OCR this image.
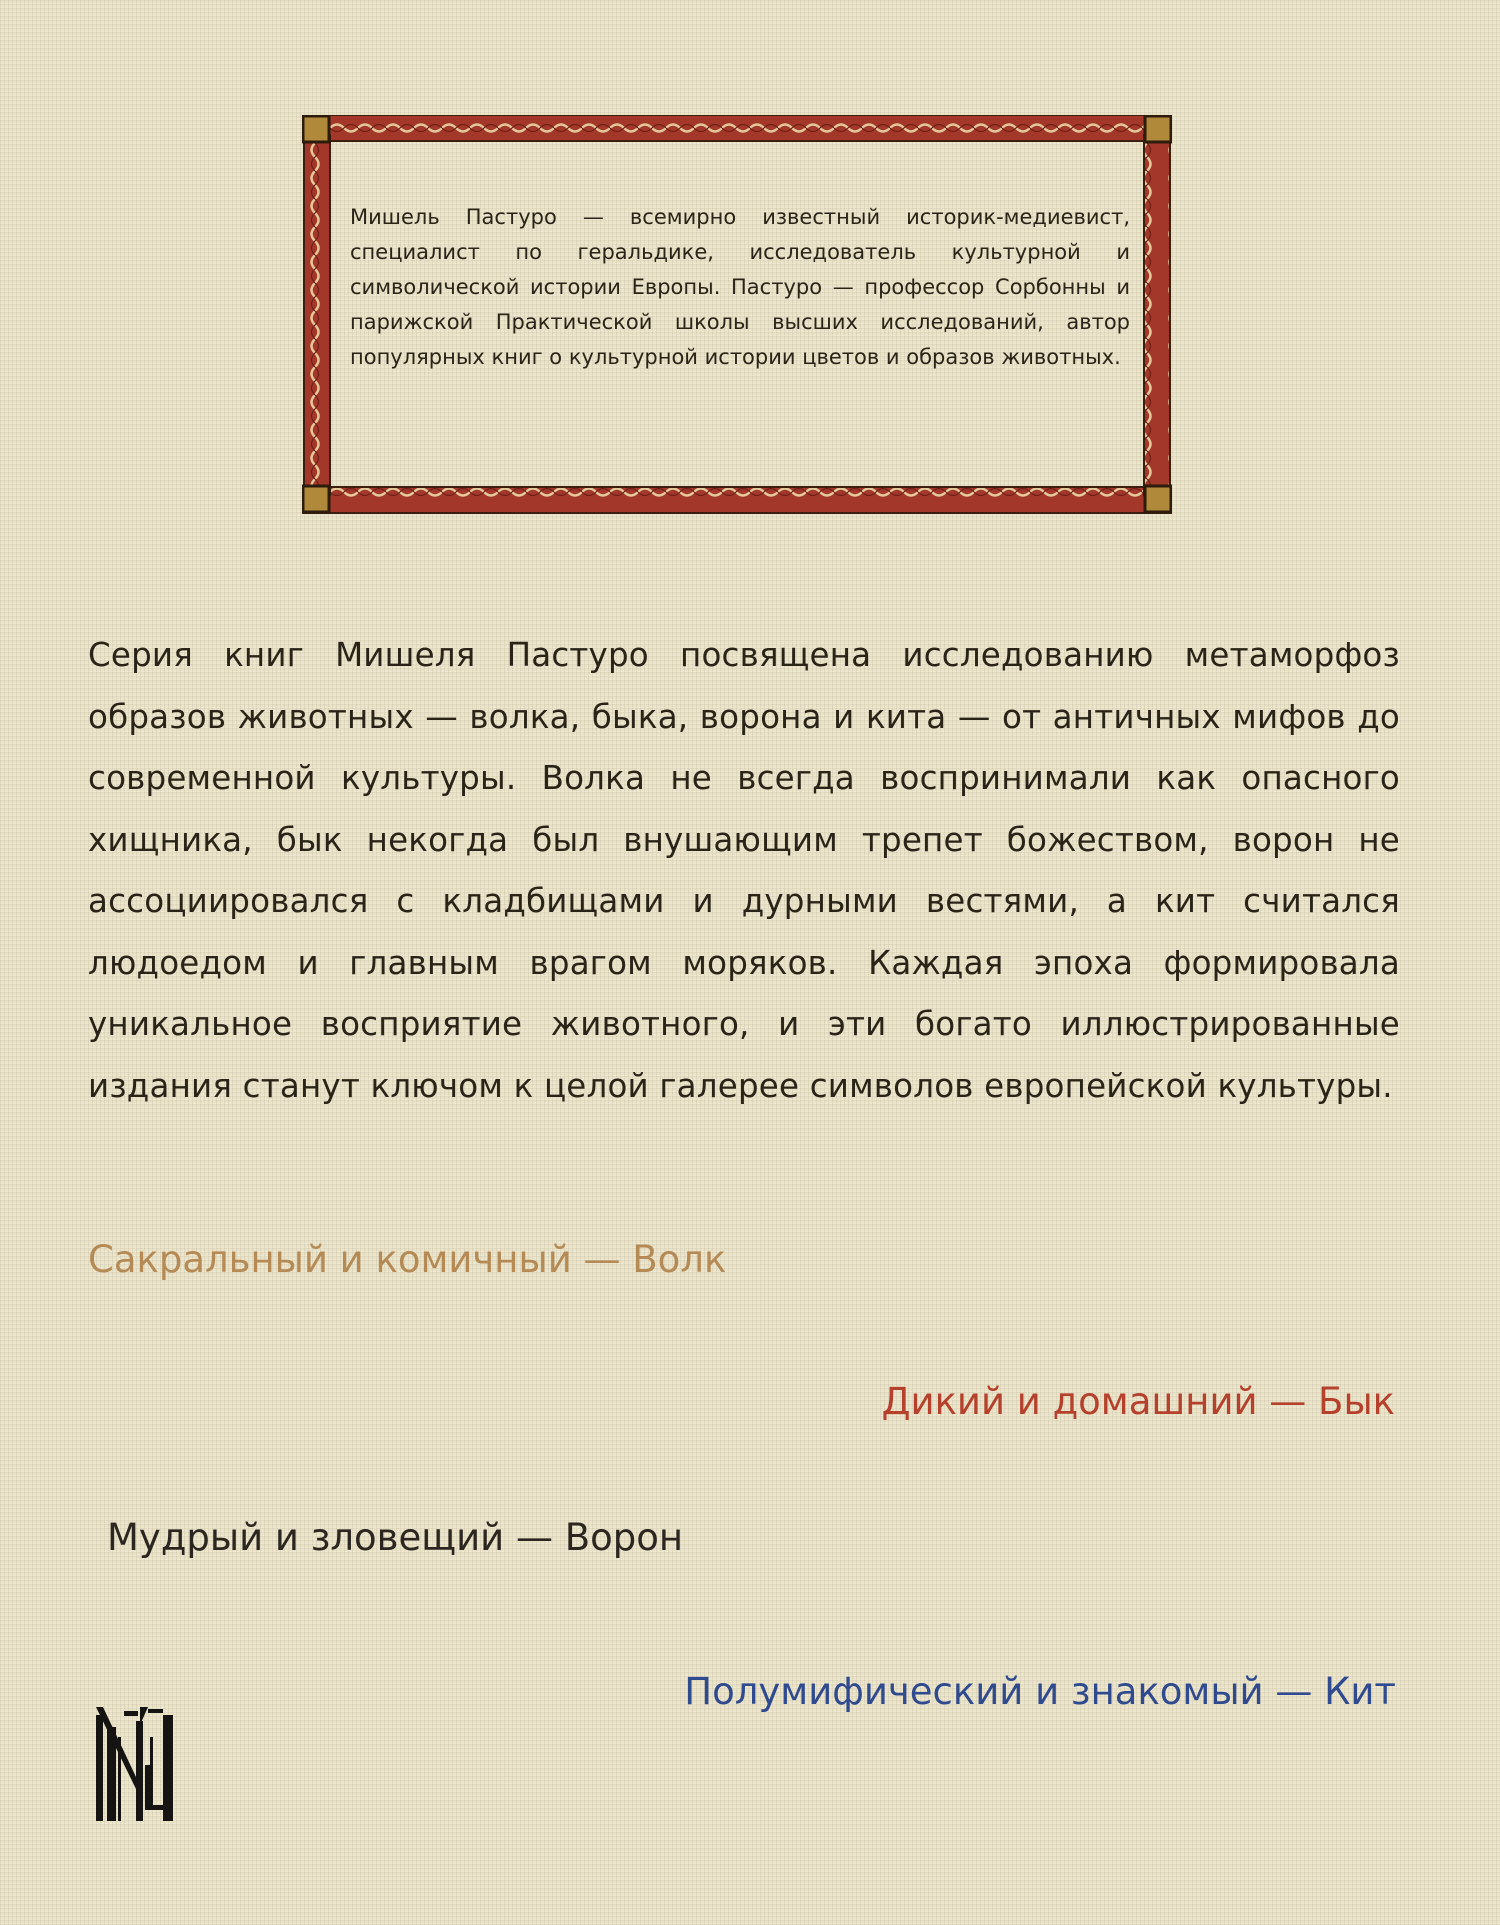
Мишель Пастуро — всемирно известный историк-медиевист, специалист по геральдике, исследователь культурной и символической истории Европы. Пастуро — профессор Сорбонны и парижской Практической школы высших исследований, автор популярных книг о культурной истории цветов и образов животных.

Серия книг Мишеля Пастуро посвящена исследованию метаморфоз образов животных — волка, быка, ворона и кита — от античных мифов до современной культуры. Волка не всегда воспринимали как опасного хищника, бык некогда был внушающим трепет божеством, ворон не ассоциировался с кладбищами и дурными вестями, а кит считался людоедом и главным врагом моряков. Каждая эпоха формировала уникальное восприятие животного, и эти богато иллюстрированные издания станут ключом к целой галерее символов европейской культуры.

Сакральный и комичный — Волк

Дикий и домашний — Бык

Мудрый и зловещий — Ворон

Полумифический и знакомый — Кит
